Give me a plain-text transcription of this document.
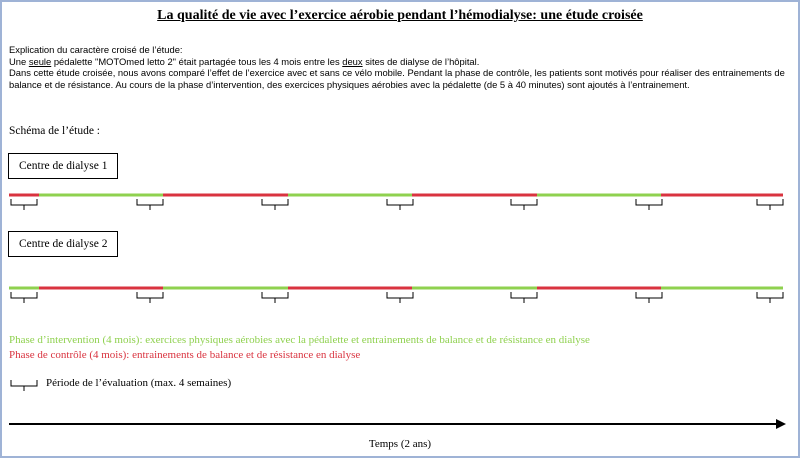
La qualité de vie avec l’exercice aérobie pendant l’hémodialyse: une étude croisée

Explication du caractère croisé de l’étude:

Une seule pédalette "MOTOmed letto 2" était partagée tous les 4 mois entre les deux sites de dialyse de l’hôpital.

Dans cette étude croisée, nous avons comparé l’effet de l’exercice avec et sans ce vélo mobile. Pendant la phase de contrôle, les patients sont motivés pour réaliser des entrainements de balance et de résistance. Au cours de la phase d’intervention, des exercices physiques aérobies avec la pédalette (de 5 à 40 minutes) sont ajoutés à l’entrainement.

Schéma de l’étude :
Centre de dialyse 1
Centre de dialyse 2
Phase d’intervention (4 mois): exercices physiques aérobies avec la pédalette et entrainements de balance et de résistance en dialyse
Phase de contrôle (4 mois): entrainements de balance et de résistance en dialyse
Période de l’évaluation (max. 4 semaines)
Temps (2 ans)
